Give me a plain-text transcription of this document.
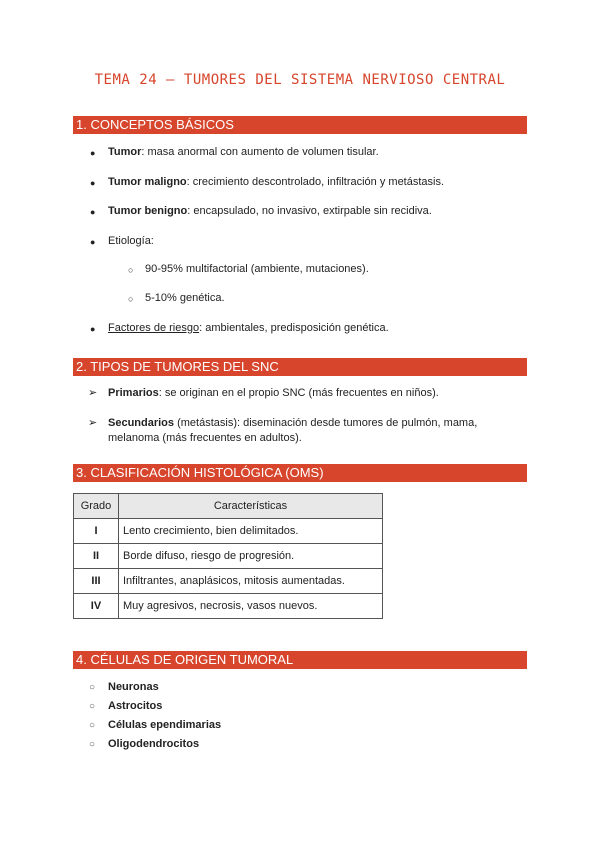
TEMA 24 – TUMORES DEL SISTEMA NERVIOSO CENTRAL
1. CONCEPTOS BÁSICOS
● Tumor: masa anormal con aumento de volumen tisular.
● Tumor maligno: crecimiento descontrolado, infiltración y metástasis.
● Tumor benigno: encapsulado, no invasivo, extirpable sin recidiva.
● Etiología:
○ 90-95% multifactorial (ambiente, mutaciones).
○ 5-10% genética.
● Factores de riesgo: ambientales, predisposición genética.
2. TIPOS DE TUMORES DEL SNC
➢ Primarios: se originan en el propio SNC (más frecuentes en niños).
➢ Secundarios (metástasis): diseminación desde tumores de pulmón, mama,
melanoma (más frecuentes en adultos).
3. CLASIFICACIÓN HISTOLÓGICA (OMS)
Grado	Características
I	Lento crecimiento, bien delimitados.
II	Borde difuso, riesgo de progresión.
III	Infiltrantes, anaplásicos, mitosis aumentadas.
IV	Muy agresivos, necrosis, vasos nuevos.
4. CÉLULAS DE ORIGEN TUMORAL
○ Neuronas
○ Astrocitos
○ Células ependimarias
○ Oligodendrocitos
